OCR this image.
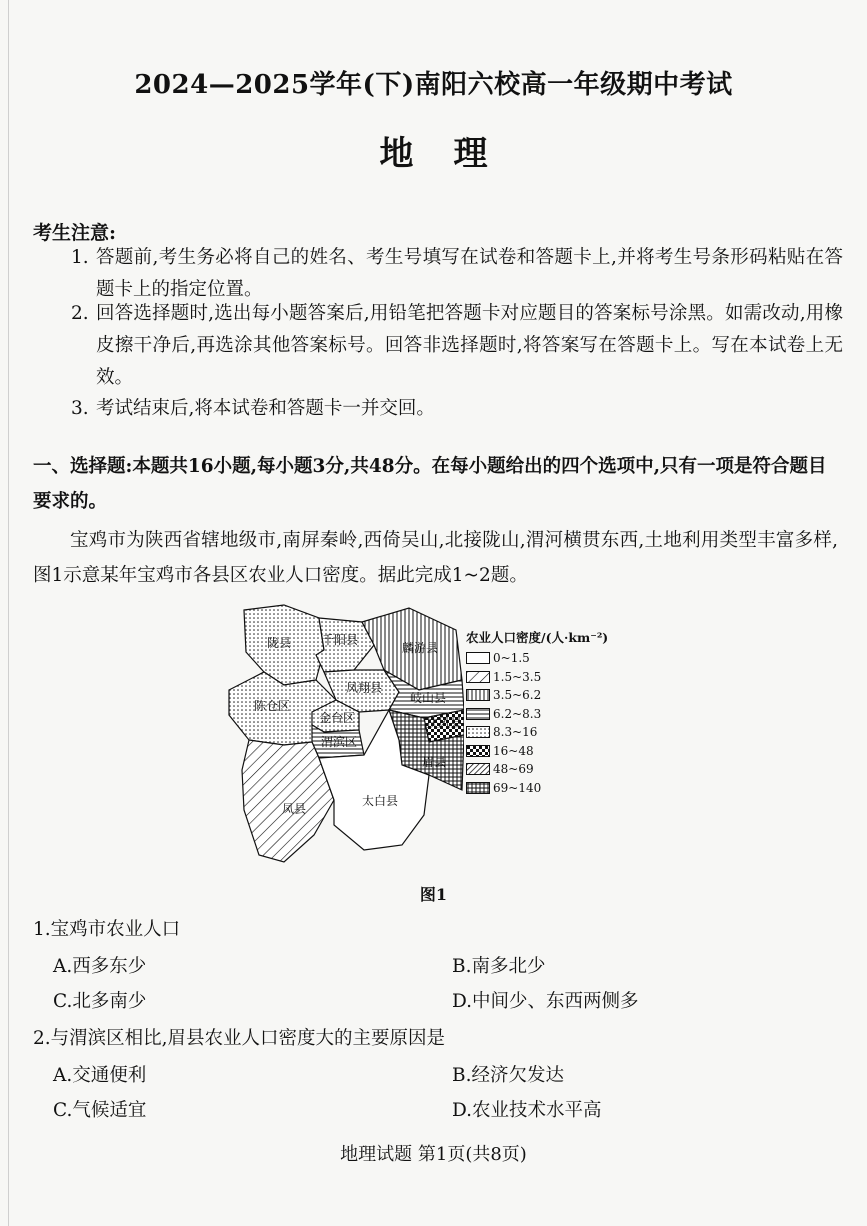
2024—2025学年(下)南阳六校高一年级期中考试
地理
考生注意:
1. 答题前,考生务必将自己的姓名、考生号填写在试卷和答题卡上,并将考生号条形码粘贴在答题卡上的指定位置。
2. 回答选择题时,选出每小题答案后,用铅笔把答题卡对应题目的答案标号涂黑。如需改动,用橡皮擦干净后,再选涂其他答案标号。回答非选择题时,将答案写在答题卡上。写在本试卷上无效。
3. 考试结束后,将本试卷和答题卡一并交回。
一、选择题:本题共16小题,每小题3分,共48分。在每小题给出的四个选项中,只有一项是符合题目要求的。
宝鸡市为陕西省辖地级市,南屏秦岭,西倚吴山,北接陇山,渭河横贯东西,土地利用类型丰富多样,图1示意某年宝鸡市各县区农业人口密度。据此完成1~2题。
陇县	千阳县
麟游县
凤翔县
岐山县
扶风县
陈仓区
金台区
渭滨区
眉县
凤县
太白县
农业人口密度/(人·km⁻²)
0~1.5
1.5~3.5
3.5~6.2
6.2~8.3
8.3~16
16~48
48~69
69~140
图1
1.宝鸡市农业人口
A.西多东少	B.南多北少
C.北多南少	D.中间少、东西两侧多
2.与渭滨区相比,眉县农业人口密度大的主要原因是
A.交通便利	B.经济欠发达
C.气候适宜	D.农业技术水平高
地理试题 第1页(共8页)
